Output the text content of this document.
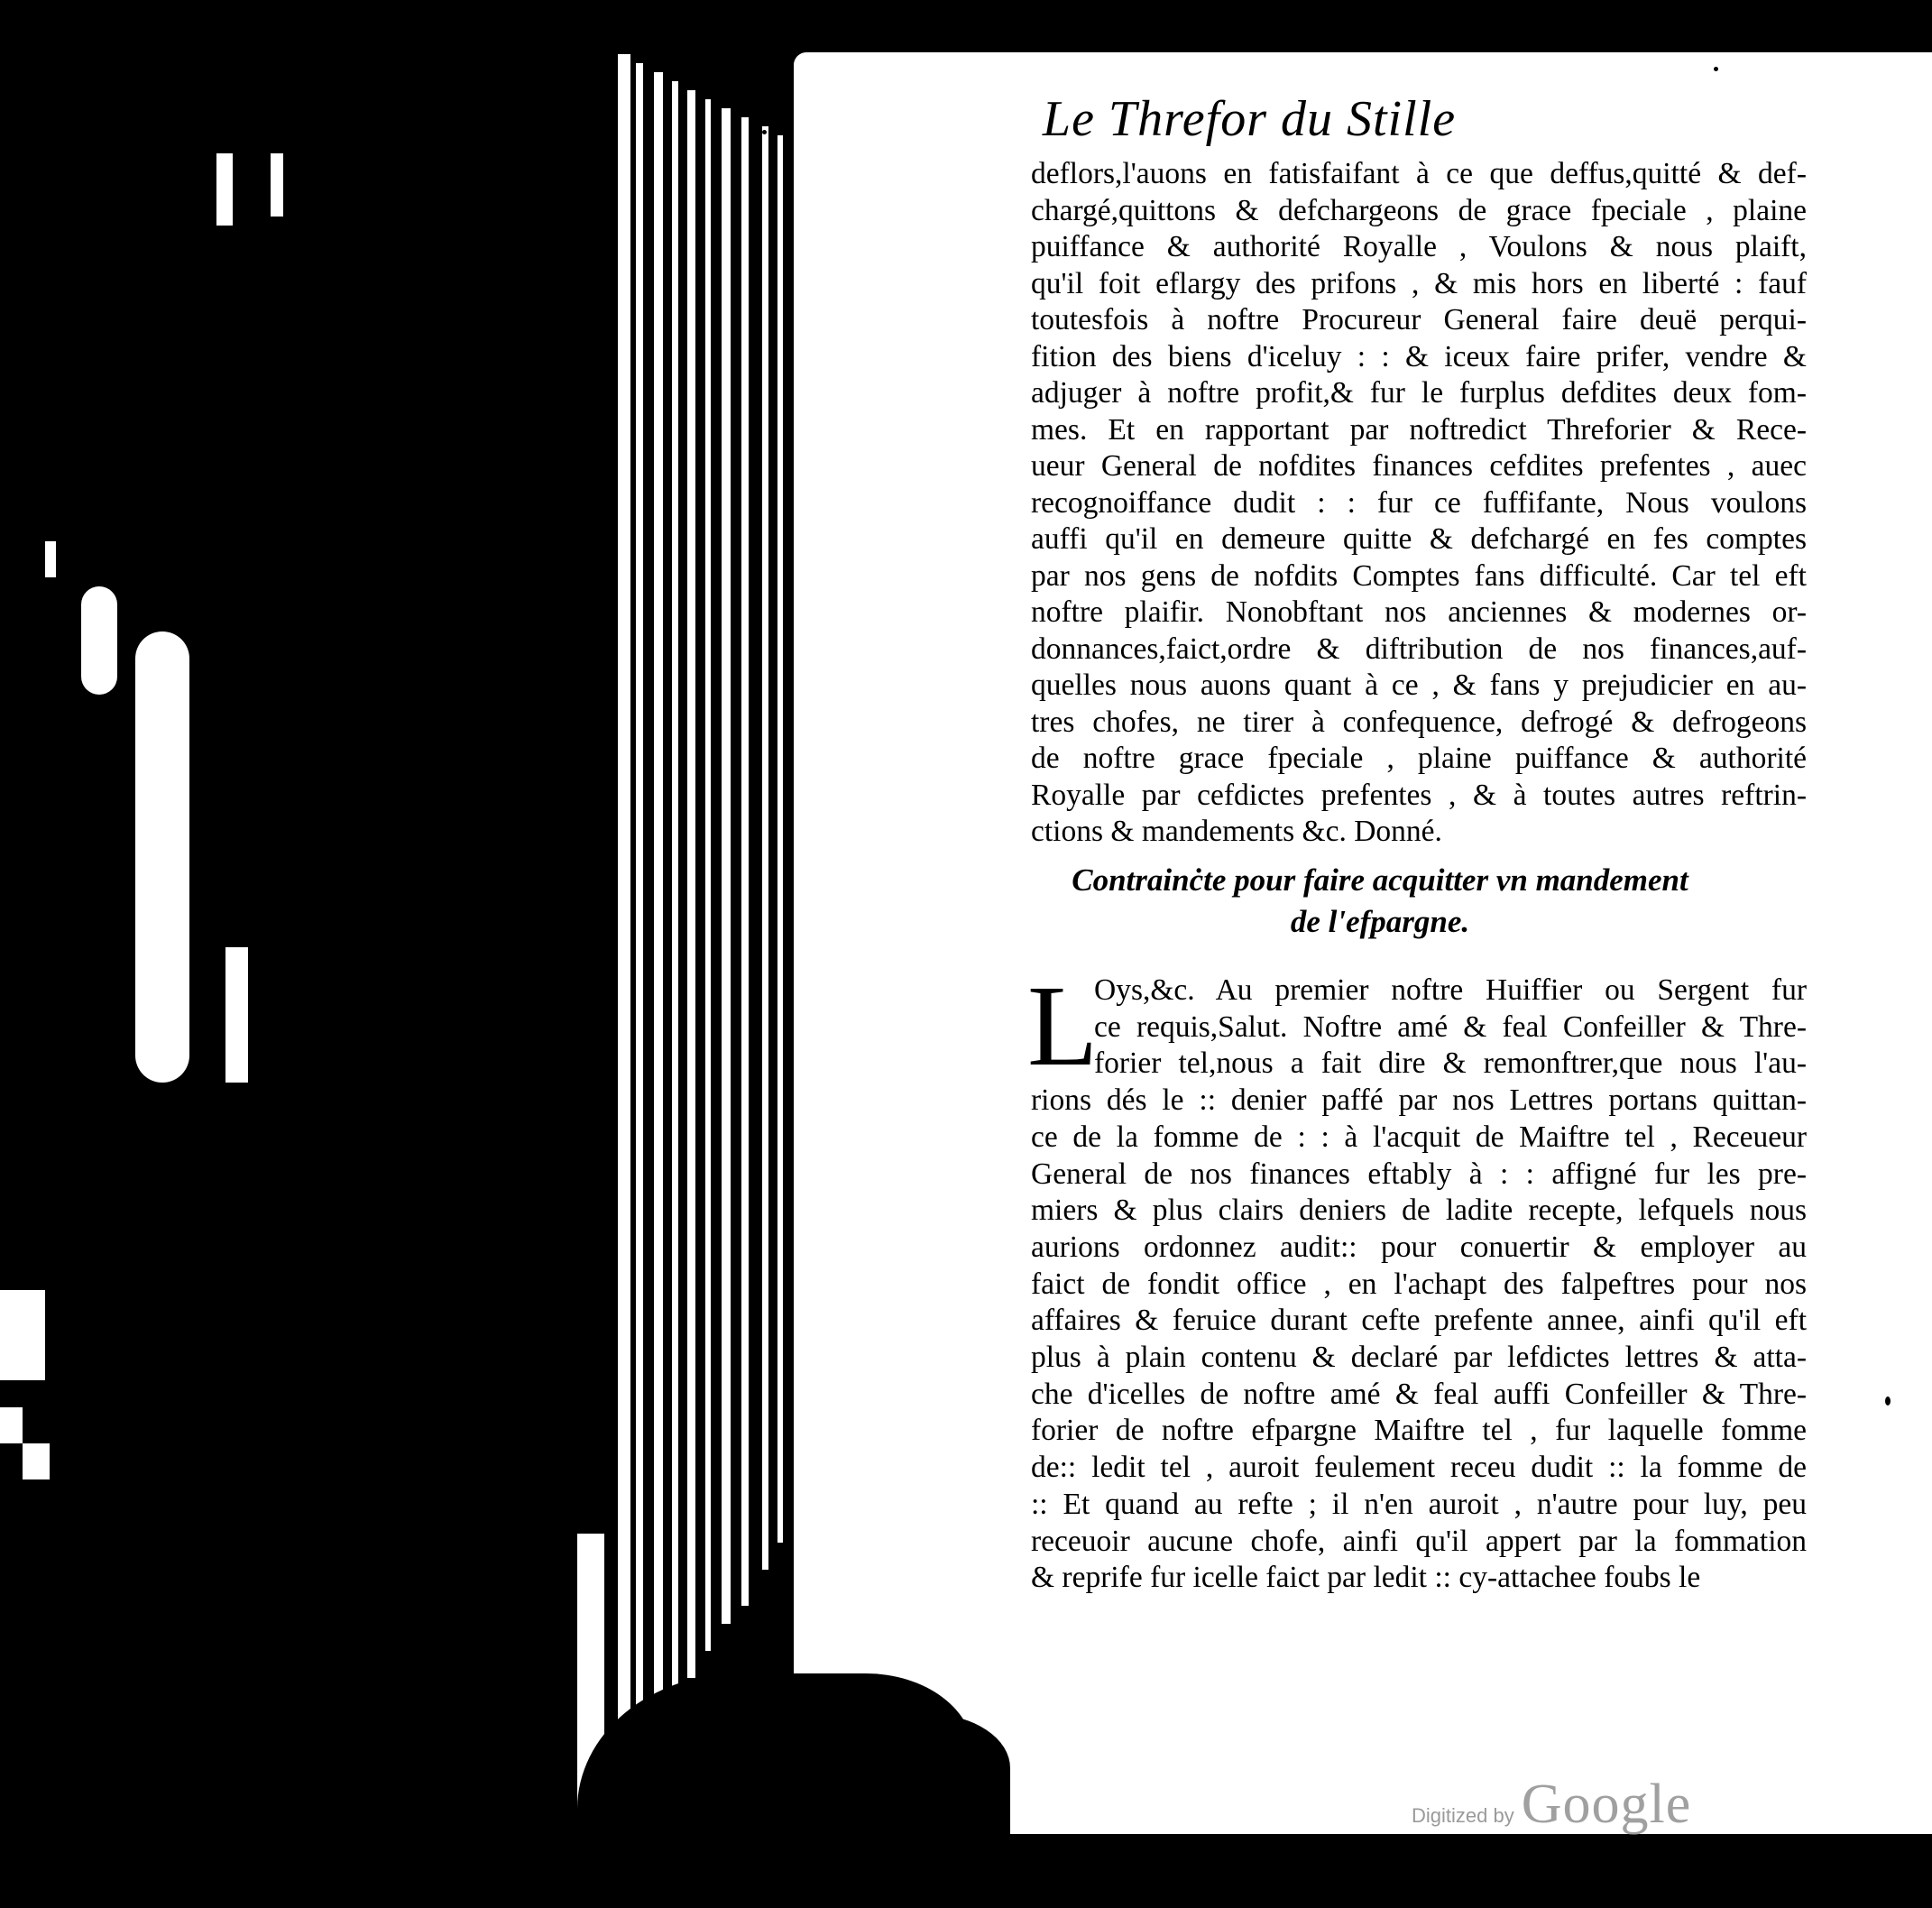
Le Threfor du Stille
deflors,l'auons en fatisfaifant à ce que deffus,quitté & def-
chargé,quittons & defchargeons de grace fpeciale , plaine
puiffance & authorité Royalle , Voulons & nous plaift,
qu'il foit eflargy des prifons , & mis hors en liberté : fauf
toutesfois à noftre Procureur General faire deuë perqui-
fition des biens d'iceluy : : & iceux faire prifer, vendre &
adjuger à noftre profit,& fur le furplus defdites deux fom-
mes. Et en rapportant par noftredict Threforier & Rece-
ueur General de nofdites finances cefdites prefentes , auec
recognoiffance dudit : : fur ce fuffifante, Nous voulons
auffi qu'il en demeure quitte & defchargé en fes comptes
par nos gens de nofdits Comptes fans difficulté. Car tel eft
noftre plaifir. Nonobftant nos anciennes & modernes or-
donnances,faict,ordre & diftribution de nos finances,auf-
quelles nous auons quant à ce , & fans y prejudicier en au-
tres chofes, ne tirer à confequence, defrogé & defrogeons
de noftre grace fpeciale , plaine puiffance & authorité
Royalle par cefdictes prefentes , & à toutes autres reftrin-
ctions & mandements &c. Donné.
Contrainċte pour faire acquitter vn mandement
de l'efpargne.
L
Oys,&c. Au premier noftre Huiffier ou Sergent fur
ce requis,Salut. Noftre amé & feal Confeiller & Thre-
forier tel,nous a fait dire & remonftrer,que nous l'au-
rions dés le :: denier paffé par nos Lettres portans quittan-
ce de la fomme de : : à l'acquit de Maiftre tel , Receueur
General de nos finances eftably à : : affigné fur les pre-
miers & plus clairs deniers de ladite recepte, lefquels nous
aurions ordonnez audit:: pour conuertir & employer au
faict de fondit office , en l'achapt des falpeftres pour nos
affaires & feruice durant cefte prefente annee, ainfi qu'il eft
plus à plain contenu & declaré par lefdictes lettres & atta-
che d'icelles de noftre amé & feal auffi Confeiller & Thre-
forier de noftre efpargne Maiftre tel , fur laquelle fomme
de:: ledit tel , auroit feulement receu dudit :: la fomme de
:: Et quand au refte ; il n'en auroit , n'autre pour luy, peu
receuoir aucune chofe, ainfi qu'il appert par la fommation
& reprife fur icelle faict par ledit :: cy-attachee foubs le
Digitized by Google
